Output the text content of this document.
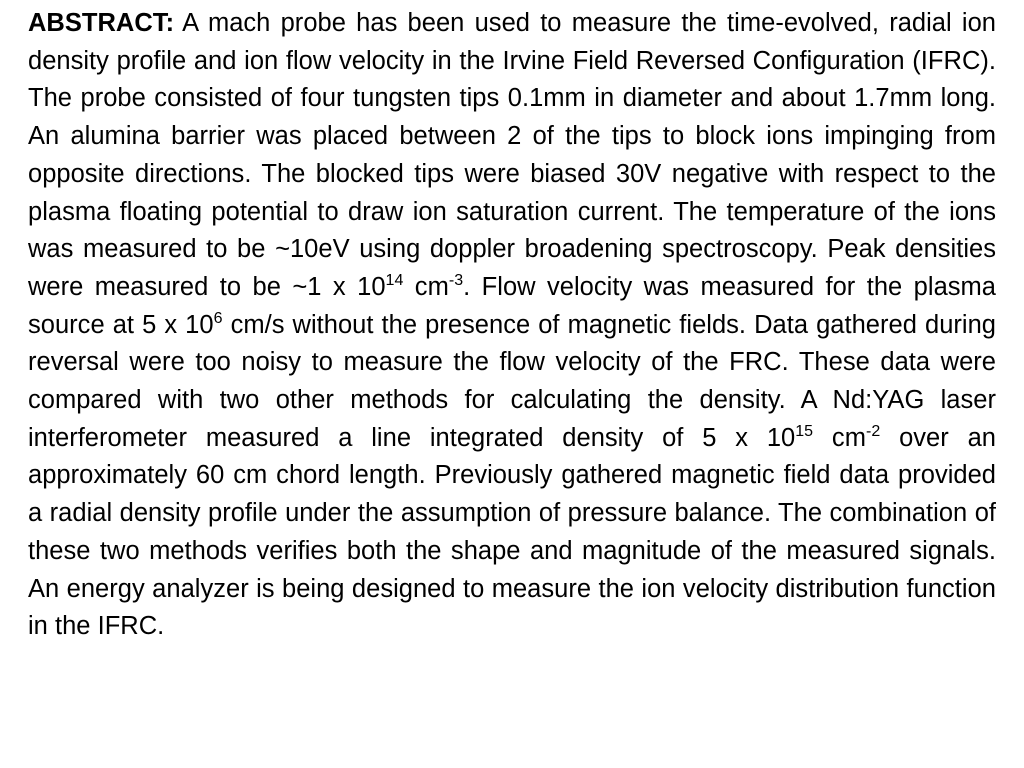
ABSTRACT: A mach probe has been used to measure the time-evolved, radial ion density profile and ion flow velocity in the Irvine Field Reversed Configuration (IFRC). The probe consisted of four tungsten tips 0.1mm in diameter and about 1.7mm long. An alumina barrier was placed between 2 of the tips to block ions impinging from opposite directions. The blocked tips were biased 30V negative with respect to the plasma floating potential to draw ion saturation current. The temperature of the ions was measured to be ~10eV using doppler broadening spectroscopy. Peak densities were measured to be ~1 x $10^{14}$ $cm^{-3}$. Flow velocity was measured for the plasma source at 5 x $10^6$ cm/s without the presence of magnetic fields. Data gathered during reversal were too noisy to measure the flow velocity of the FRC. These data were compared with two other methods for calculating the density. A Nd:YAG laser interferometer measured a line integrated density of 5 x $10^{15}$ $cm^{-2}$ over an approximately 60 cm chord length. Previously gathered magnetic field data provided a radial density profile under the assumption of pressure balance. The combination of these two methods verifies both the shape and magnitude of the measured signals. An energy analyzer is being designed to measure the ion velocity distribution function in the IFRC.
